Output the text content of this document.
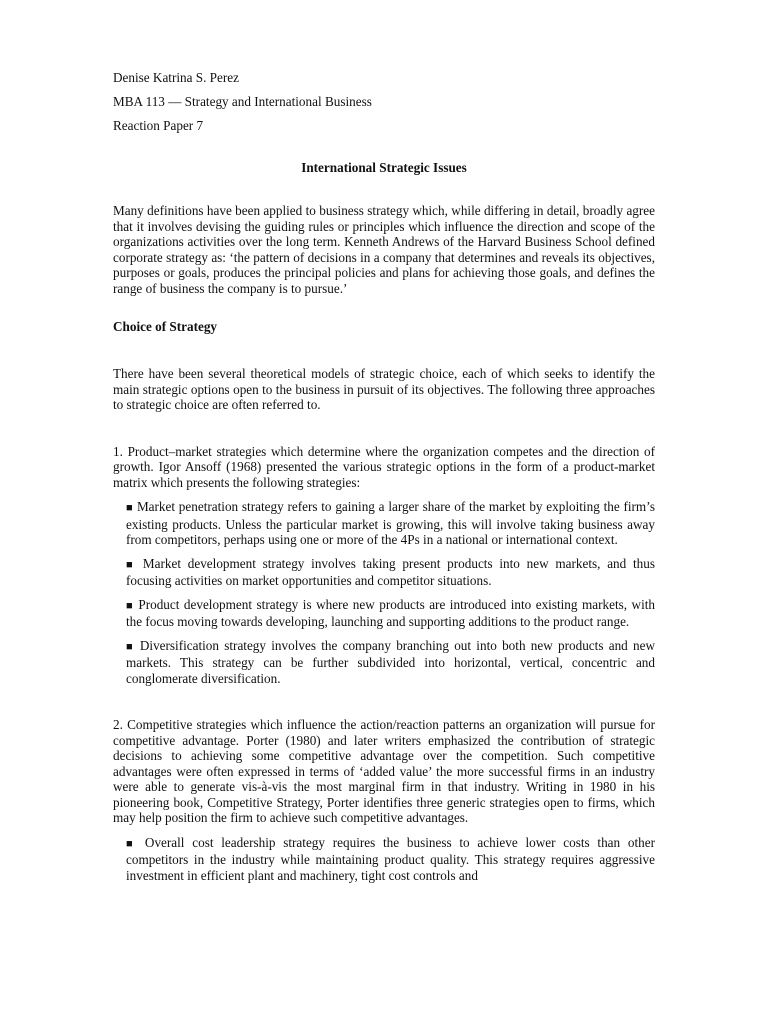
Denise Katrina S. Perez
MBA 113 — Strategy and International Business
Reaction Paper 7
International Strategic Issues

Many definitions have been applied to business strategy which, while differing in detail, broadly agree that it involves devising the guiding rules or principles which influence the direction and scope of the organizations activities over the long term. Kenneth Andrews of the Harvard Business School defined corporate strategy as: ‘the pattern of decisions in a company that determines and reveals its objectives, purposes or goals, produces the principal policies and plans for achieving those goals, and defines the range of business the company is to pursue.’

Choice of Strategy

There have been several theoretical models of strategic choice, each of which seeks to identify the main strategic options open to the business in pursuit of its objectives. The following three approaches to strategic choice are often referred to.

1. Product–market strategies which determine where the organization competes and the direction of growth. Igor Ansoff (1968) presented the various strategic options in the form of a product-market matrix which presents the following strategies:

■ Market penetration strategy refers to gaining a larger share of the market by exploiting the firm’s existing products. Unless the particular market is growing, this will involve taking business away from competitors, perhaps using one or more of the 4Ps in a national or international context.

■ Market development strategy involves taking present products into new markets, and thus focusing activities on market opportunities and competitor situations.

■ Product development strategy is where new products are introduced into existing markets, with the focus moving towards developing, launching and supporting additions to the product range.

■ Diversification strategy involves the company branching out into both new products and new markets. This strategy can be further subdivided into horizontal, vertical, concentric and conglomerate diversification.

2. Competitive strategies which influence the action/reaction patterns an organization will pursue for competitive advantage. Porter (1980) and later writers emphasized the contribution of strategic decisions to achieving some competitive advantage over the competition. Such competitive advantages were often expressed in terms of ‘added value’ the more successful firms in an industry were able to generate vis-à-vis the most marginal firm in that industry. Writing in 1980 in his pioneering book, Competitive Strategy, Porter identifies three generic strategies open to firms, which may help position the firm to achieve such competitive advantages.

■ Overall cost leadership strategy requires the business to achieve lower costs than other competitors in the industry while maintaining product quality. This strategy requires aggressive investment in efficient plant and machinery, tight cost controls and
